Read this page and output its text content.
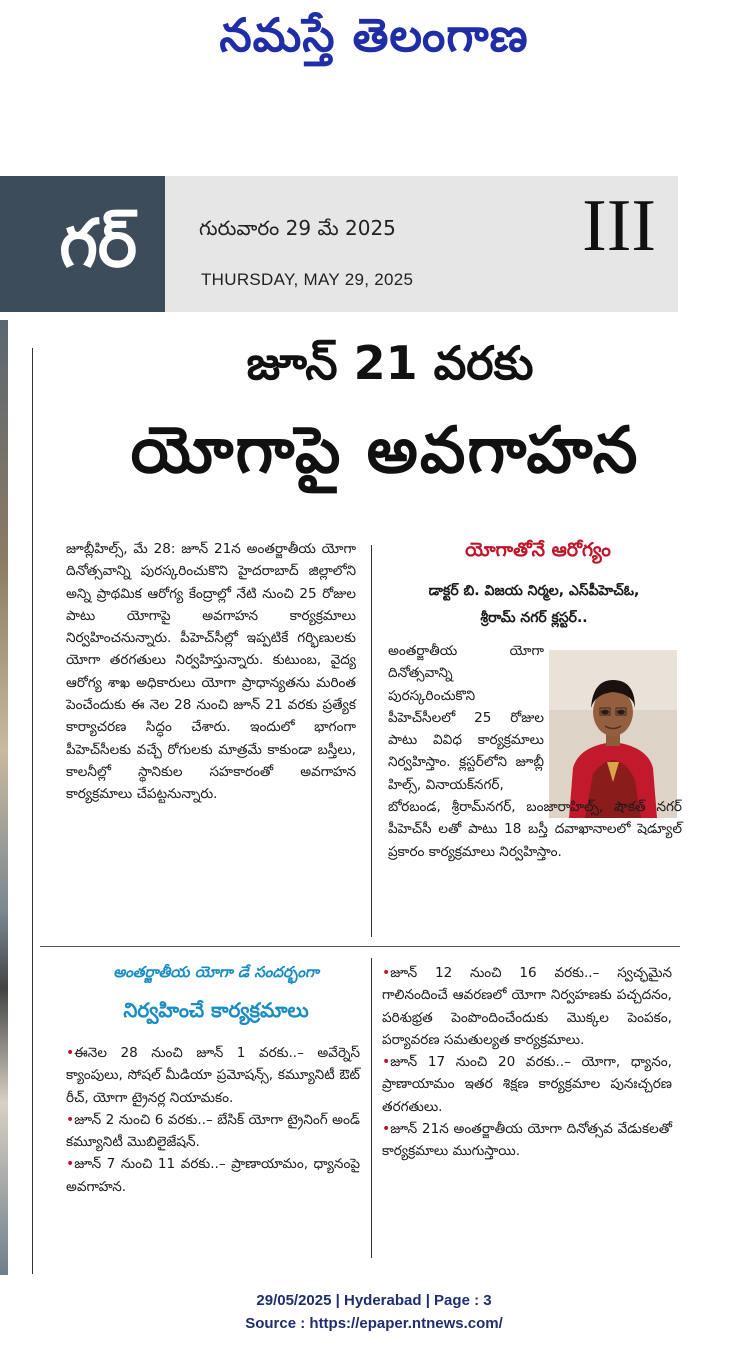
నమస్తే తెలంగాణ
గర్	గురువారం 29 మే 2025
THURSDAY, MAY 29, 2025
III
జూన్ 21 వరకు
యోగాపై అవగాహన
జూబ్లీహిల్స్, మే 28: జూన్ 21న అంతర్జాతీయ యోగా దినోత్సవాన్ని పురస్కరించుకొని హైదరాబాద్ జిల్లాలోని అన్ని ప్రాథమిక ఆరోగ్య కేంద్రాల్లో నేటి నుంచి 25 రోజుల పాటు యోగాపై అవగాహన కార్యక్రమాలు నిర్వహించనున్నారు. పీహెచ్‌సీల్లో ఇప్పటికే గర్భిణులకు యోగా తరగతులు నిర్వహిస్తున్నారు. కుటుంబ, వైద్య ఆరోగ్య శాఖ అధికారులు యోగా ప్రాధాన్యతను మరింత పెంచేందుకు ఈ నెల 28 నుంచి జూన్ 21 వరకు ప్రత్యేక కార్యాచరణ సిద్ధం చేశారు. ఇందులో భాగంగా పీహెచ్‌సీలకు వచ్చే రోగులకు మాత్రమే కాకుండా బస్తీలు, కాలనీల్లో స్థానికుల సహకారంతో అవగాహన కార్యక్రమాలు చేపట్టనున్నారు.
యోగాతోనే ఆరోగ్యం
డాక్టర్ బి. విజయ నిర్మల, ఎస్‌పీహెచ్‌ఓ,
శ్రీరామ్ నగర్ క్లస్టర్..
అంతర్జాతీయ యోగా దినోత్సవాన్ని పురస్కరించుకొని పీహెచ్‌సీలలో 25 రోజుల పాటు వివిధ కార్యక్రమాలు నిర్వహిస్తాం. క్లస్టర్‌లోని జూబ్లీ హిల్స్, వినాయక్‌నగర్,
బోరబండ, శ్రీరామ్‌నగర్, బంజారాహిల్స్, షౌకత్ నగర్ పీహెచ్‌సీ లతో పాటు 18 బస్తీ దవాఖానాలలో షెడ్యూల్ ప్రకారం కార్యక్రమాలు నిర్వహిస్తాం.
అంతర్జాతీయ యోగా డే సందర్భంగా
నిర్వహించే కార్యక్రమాలు
•ఈనెల 28 నుంచి జూన్ 1 వరకు..– అవేర్నెస్ క్యాంపులు, సోషల్ మీడియా ప్రమోషన్స్, కమ్యూనిటీ ఔట్ రీచ్, యోగా ట్రైనర్ల నియామకం.
•జూన్ 2 నుంచి 6 వరకు..– బేసిక్ యోగా ట్రైనింగ్ అండ్ కమ్యూనిటీ మొబిలైజేషన్.
•జూన్ 7 నుంచి 11 వరకు..– ప్రాణాయామం, ధ్యానంపై అవగాహన.
•జూన్ 12 నుంచి 16 వరకు..– స్వచ్ఛమైన గాలినందించే ఆవరణలో యోగా నిర్వహణకు పచ్చదనం, పరిశుభ్రత పెంపొందించేందుకు మొక్కల పెంపకం, పర్యావరణ సమతుల్యత కార్యక్రమాలు.
•జూన్ 17 నుంచి 20 వరకు..– యోగా, ధ్యానం, ప్రాణాయామం ఇతర శిక్షణ కార్యక్రమాల పునఃచ్చరణ తరగతులు.
•జూన్ 21న అంతర్జాతీయ యోగా దినోత్సవ వేడుకలతో కార్యక్రమాలు ముగుస్తాయి.
29/05/2025 | Hyderabad | Page : 3
Source : https://epaper.ntnews.com/
